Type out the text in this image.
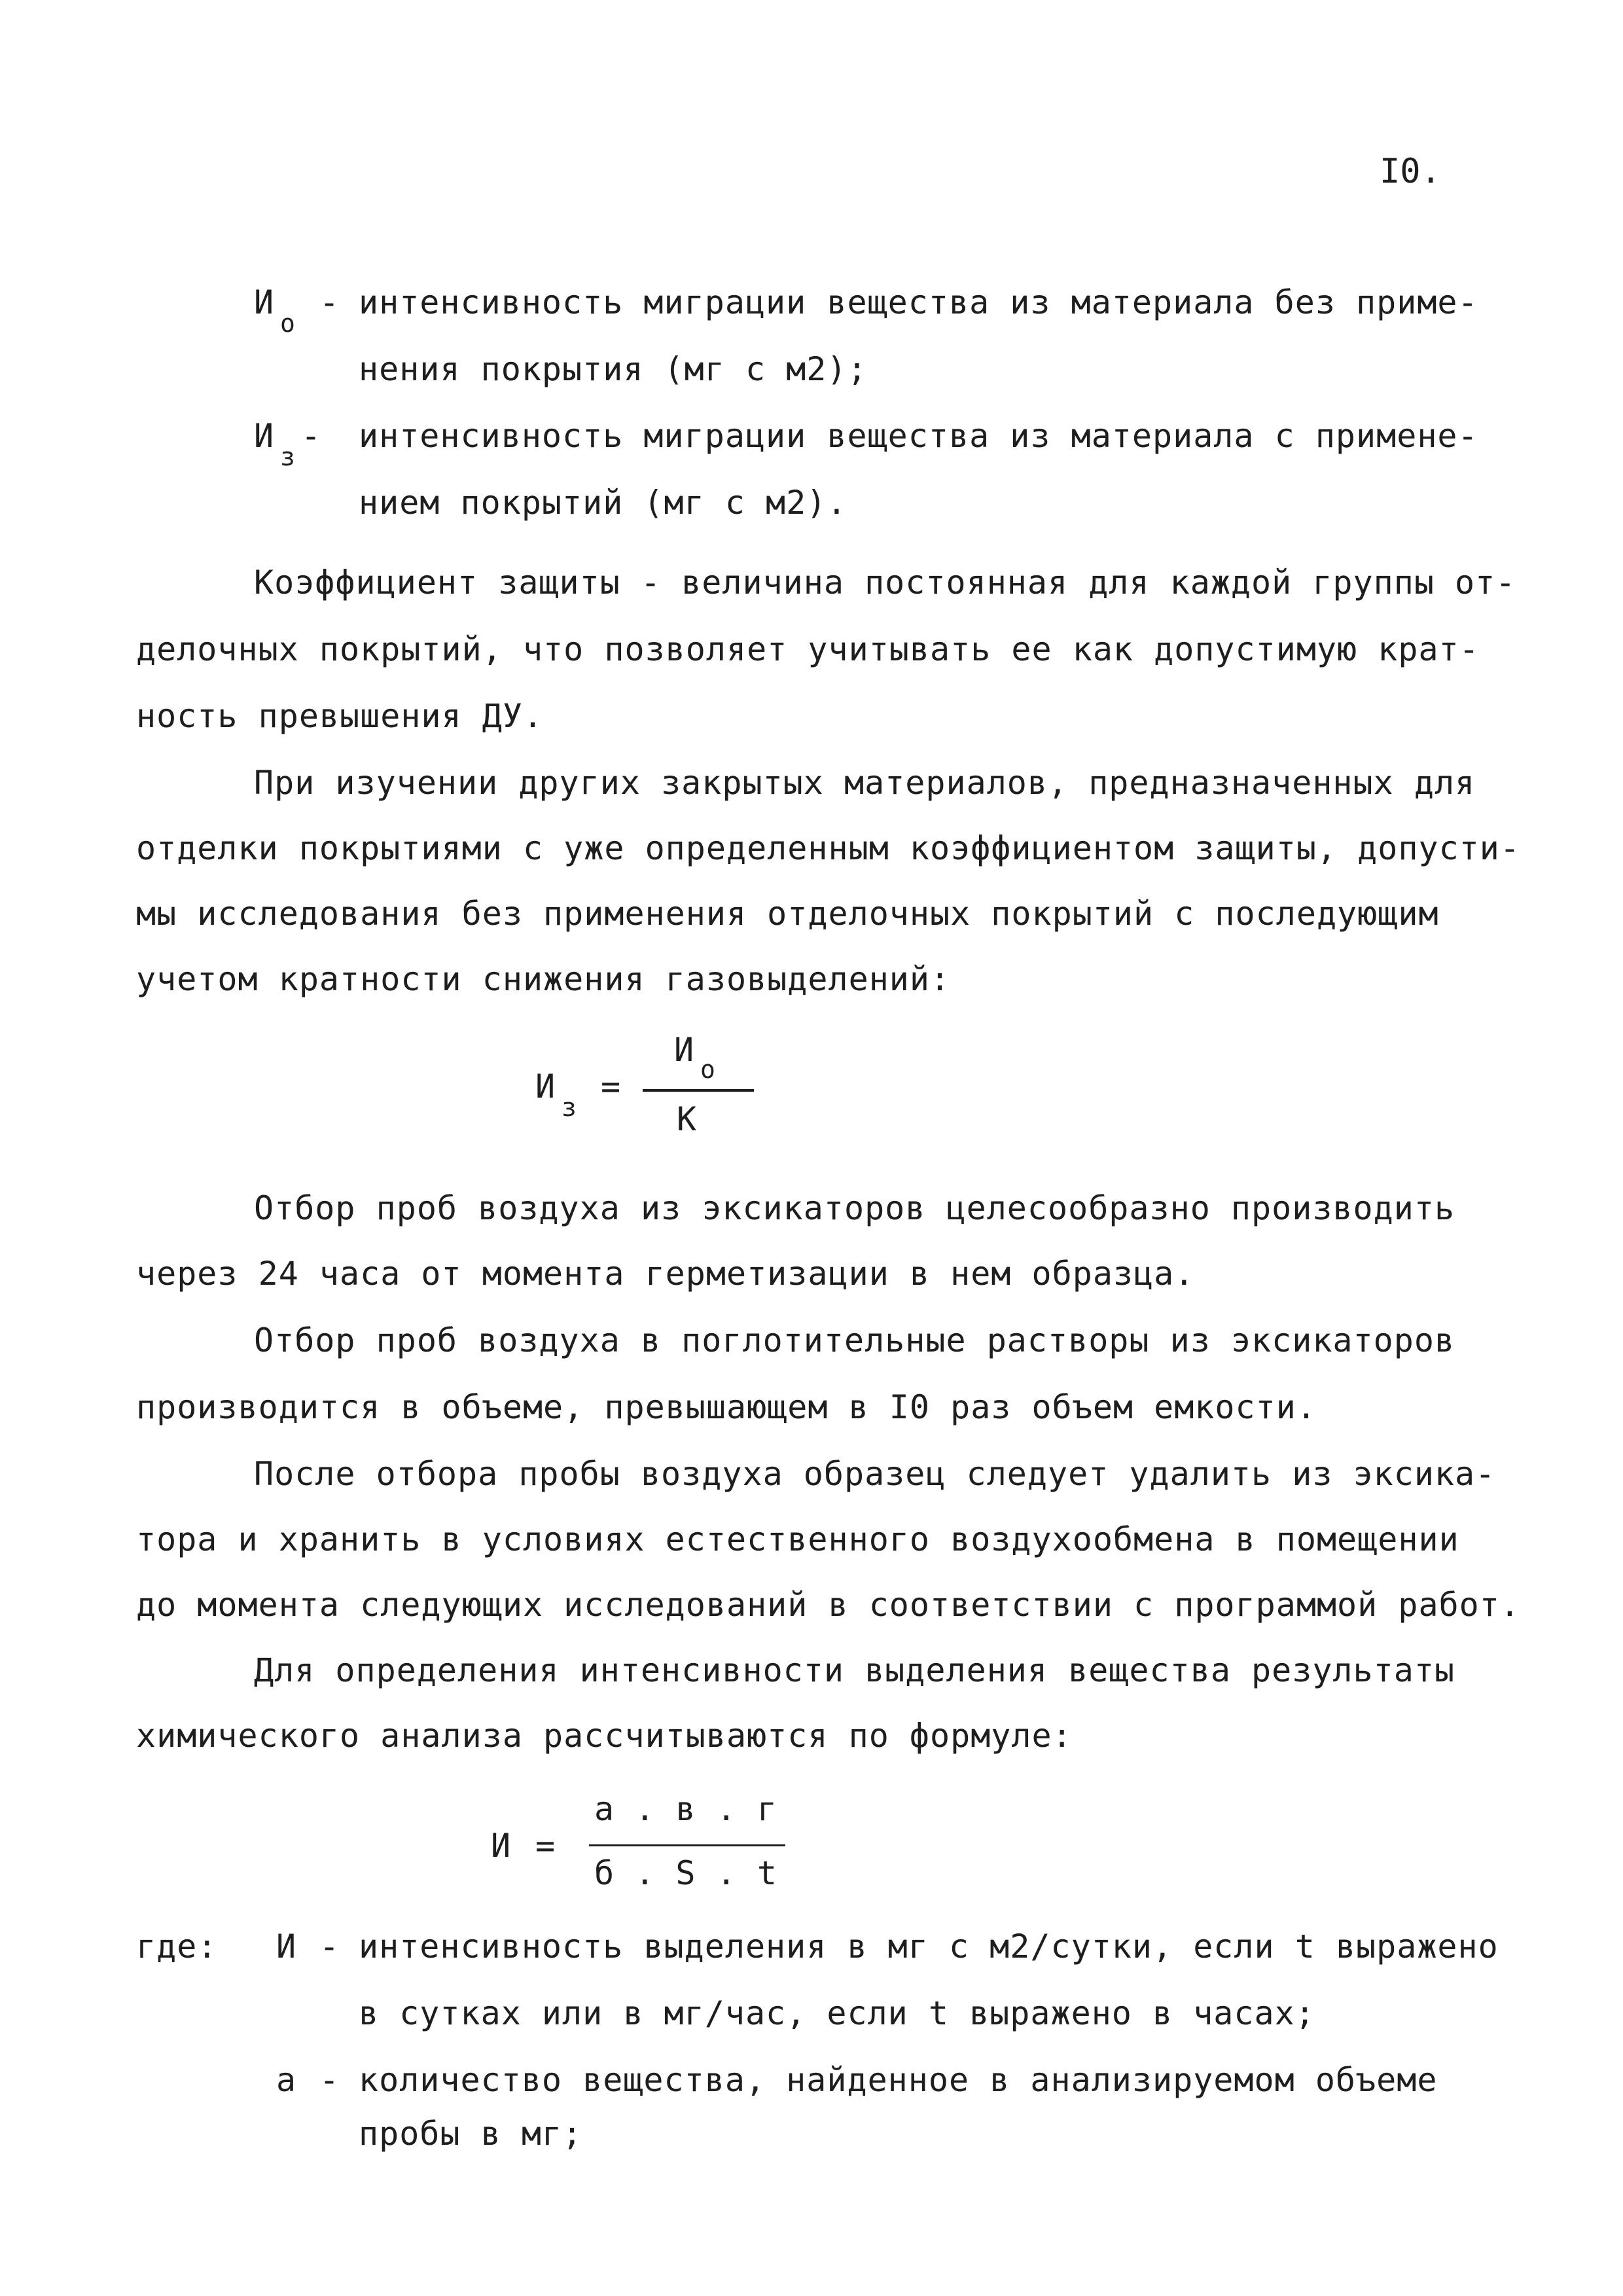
I0.
И
о
- интенсивность миграции вещества из материала без приме-
нения покрытия (мг с м2);
И
з
- интенсивность миграции вещества из материала с примене-
нием покрытий (мг с м2).
Коэффициент защиты - величина постоянная для каждой группы от-
делочных покрытий, что позволяет учитывать ее как допустимую крат-
ность превышения ДУ.
При изучении других закрытых материалов, предназначенных для
отделки покрытиями с уже определенным коэффициентом защиты, допусти-
мы исследования без применения отделочных покрытий с последующим
учетом кратности снижения газовыделений:
И
з
=
И
о
К
Отбор проб воздуха из эксикаторов целесообразно производить
через 24 часа от момента герметизации в нем образца.
Отбор проб воздуха в поглотительные растворы из эксикаторов
производится в объеме, превышающем в I0 раз объем емкости.
После отбора пробы воздуха образец следует удалить из эксика-
тора и хранить в условиях естественного воздухообмена в помещении
до момента следующих исследований в соответствии с программой работ.
Для определения интенсивности выделения вещества результаты
химического анализа рассчитываются по формуле:
И =
а . в . г
б . S . t
где: И - интенсивность выделения в мг с м2/сутки, если t выражено
в сутках или в мг/час, если t выражено в часах;
а - количество вещества, найденное в анализируемом объеме
пробы в мг;
